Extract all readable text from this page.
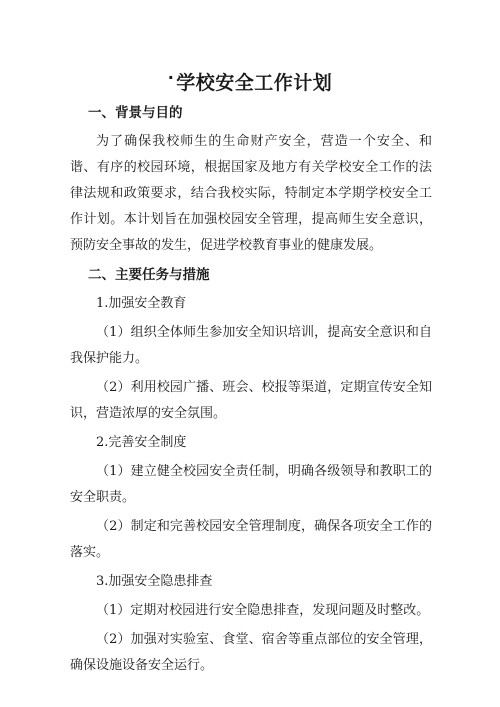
· 学校安全工作计划

一、背景与目的

为了确保我校师生的生命财产安全，营造一个安全、和谐、有序的校园环境，根据国家及地方有关学校安全工作的法律法规和政策要求，结合我校实际，特制定本学期学校安全工作计划。本计划旨在加强校园安全管理，提高师生安全意识，预防安全事故的发生，促进学校教育事业的健康发展。

二、主要任务与措施

1.加强安全教育

（1）组织全体师生参加安全知识培训，提高安全意识和自我保护能力。

（2）利用校园广播、班会、校报等渠道，定期宣传安全知识，营造浓厚的安全氛围。

2.完善安全制度

（1）建立健全校园安全责任制，明确各级领导和教职工的安全职责。

（2）制定和完善校园安全管理制度，确保各项安全工作的落实。

3.加强安全隐患排查

（1）定期对校园进行安全隐患排查，发现问题及时整改。

（2）加强对实验室、食堂、宿舍等重点部位的安全管理，确保设施设备安全运行。
